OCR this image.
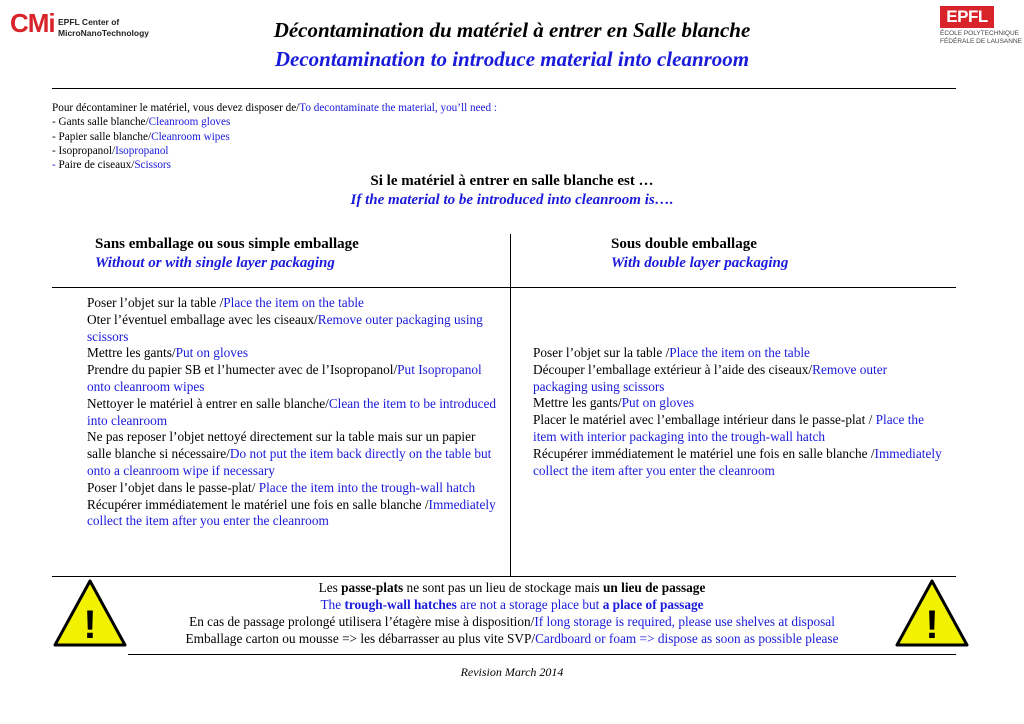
CMi EPFL Center of
MicroNanoTechnology
EPFL
ÉCOLE POLYTECHNIQUE
FÉDÉRALE DE LAUSANNE
Décontamination du matériel à entrer en Salle blanche
Decontamination to introduce material into cleanroom
Pour décontaminer le matériel, vous devez disposer de/To decontaminate the material, you’ll need :
- Gants salle blanche/Cleanroom gloves
- Papier salle blanche/Cleanroom wipes
- Isopropanol/Isopropanol
- Paire de ciseaux/Scissors
Si le matériel à entrer en salle blanche est …
If the material to be introduced into cleanroom is….
Sans emballage ou sous simple emballage
Without or with single layer packaging
Sous double emballage
With double layer packaging
Poser l’objet sur la table /Place the item on the table
Oter l’éventuel emballage avec les ciseaux/Remove outer packaging using scissors
Mettre les gants/Put on gloves
Prendre du papier SB et l’humecter avec de l’Isopropanol/Put Isopropanol onto cleanroom wipes
Nettoyer le matériel à entrer en salle blanche/Clean the item to be introduced into cleanroom
Ne pas reposer l’objet nettoyé directement sur la table mais sur un papier salle blanche si nécessaire/Do not put the item back directly on the table but onto a cleanroom wipe if necessary
Poser l’objet dans le passe-plat/ Place the item into the trough-wall hatch
Récupérer immédiatement le matériel une fois en salle blanche /Immediately collect the item after you enter the cleanroom
Poser l’objet sur la table /Place the item on the table
Découper l’emballage extérieur à l’aide des ciseaux/Remove outer packaging using scissors
Mettre les gants/Put on gloves
Placer le matériel avec l’emballage intérieur dans le passe-plat / Place the item with interior packaging into the trough-wall hatch
Récupérer immédiatement le matériel une fois en salle blanche /Immediately collect the item after you enter the cleanroom
!	!
Les passe-plats ne sont pas un lieu de stockage mais un lieu de passage
The trough-wall hatches are not a storage place but a place of passage
En cas de passage prolongé utilisera l’étagère mise à disposition/If long storage is required, please use shelves at disposal
Emballage carton ou mousse => les débarrasser au plus vite SVP/Cardboard or foam => dispose as soon as possible please
Revision March 2014
